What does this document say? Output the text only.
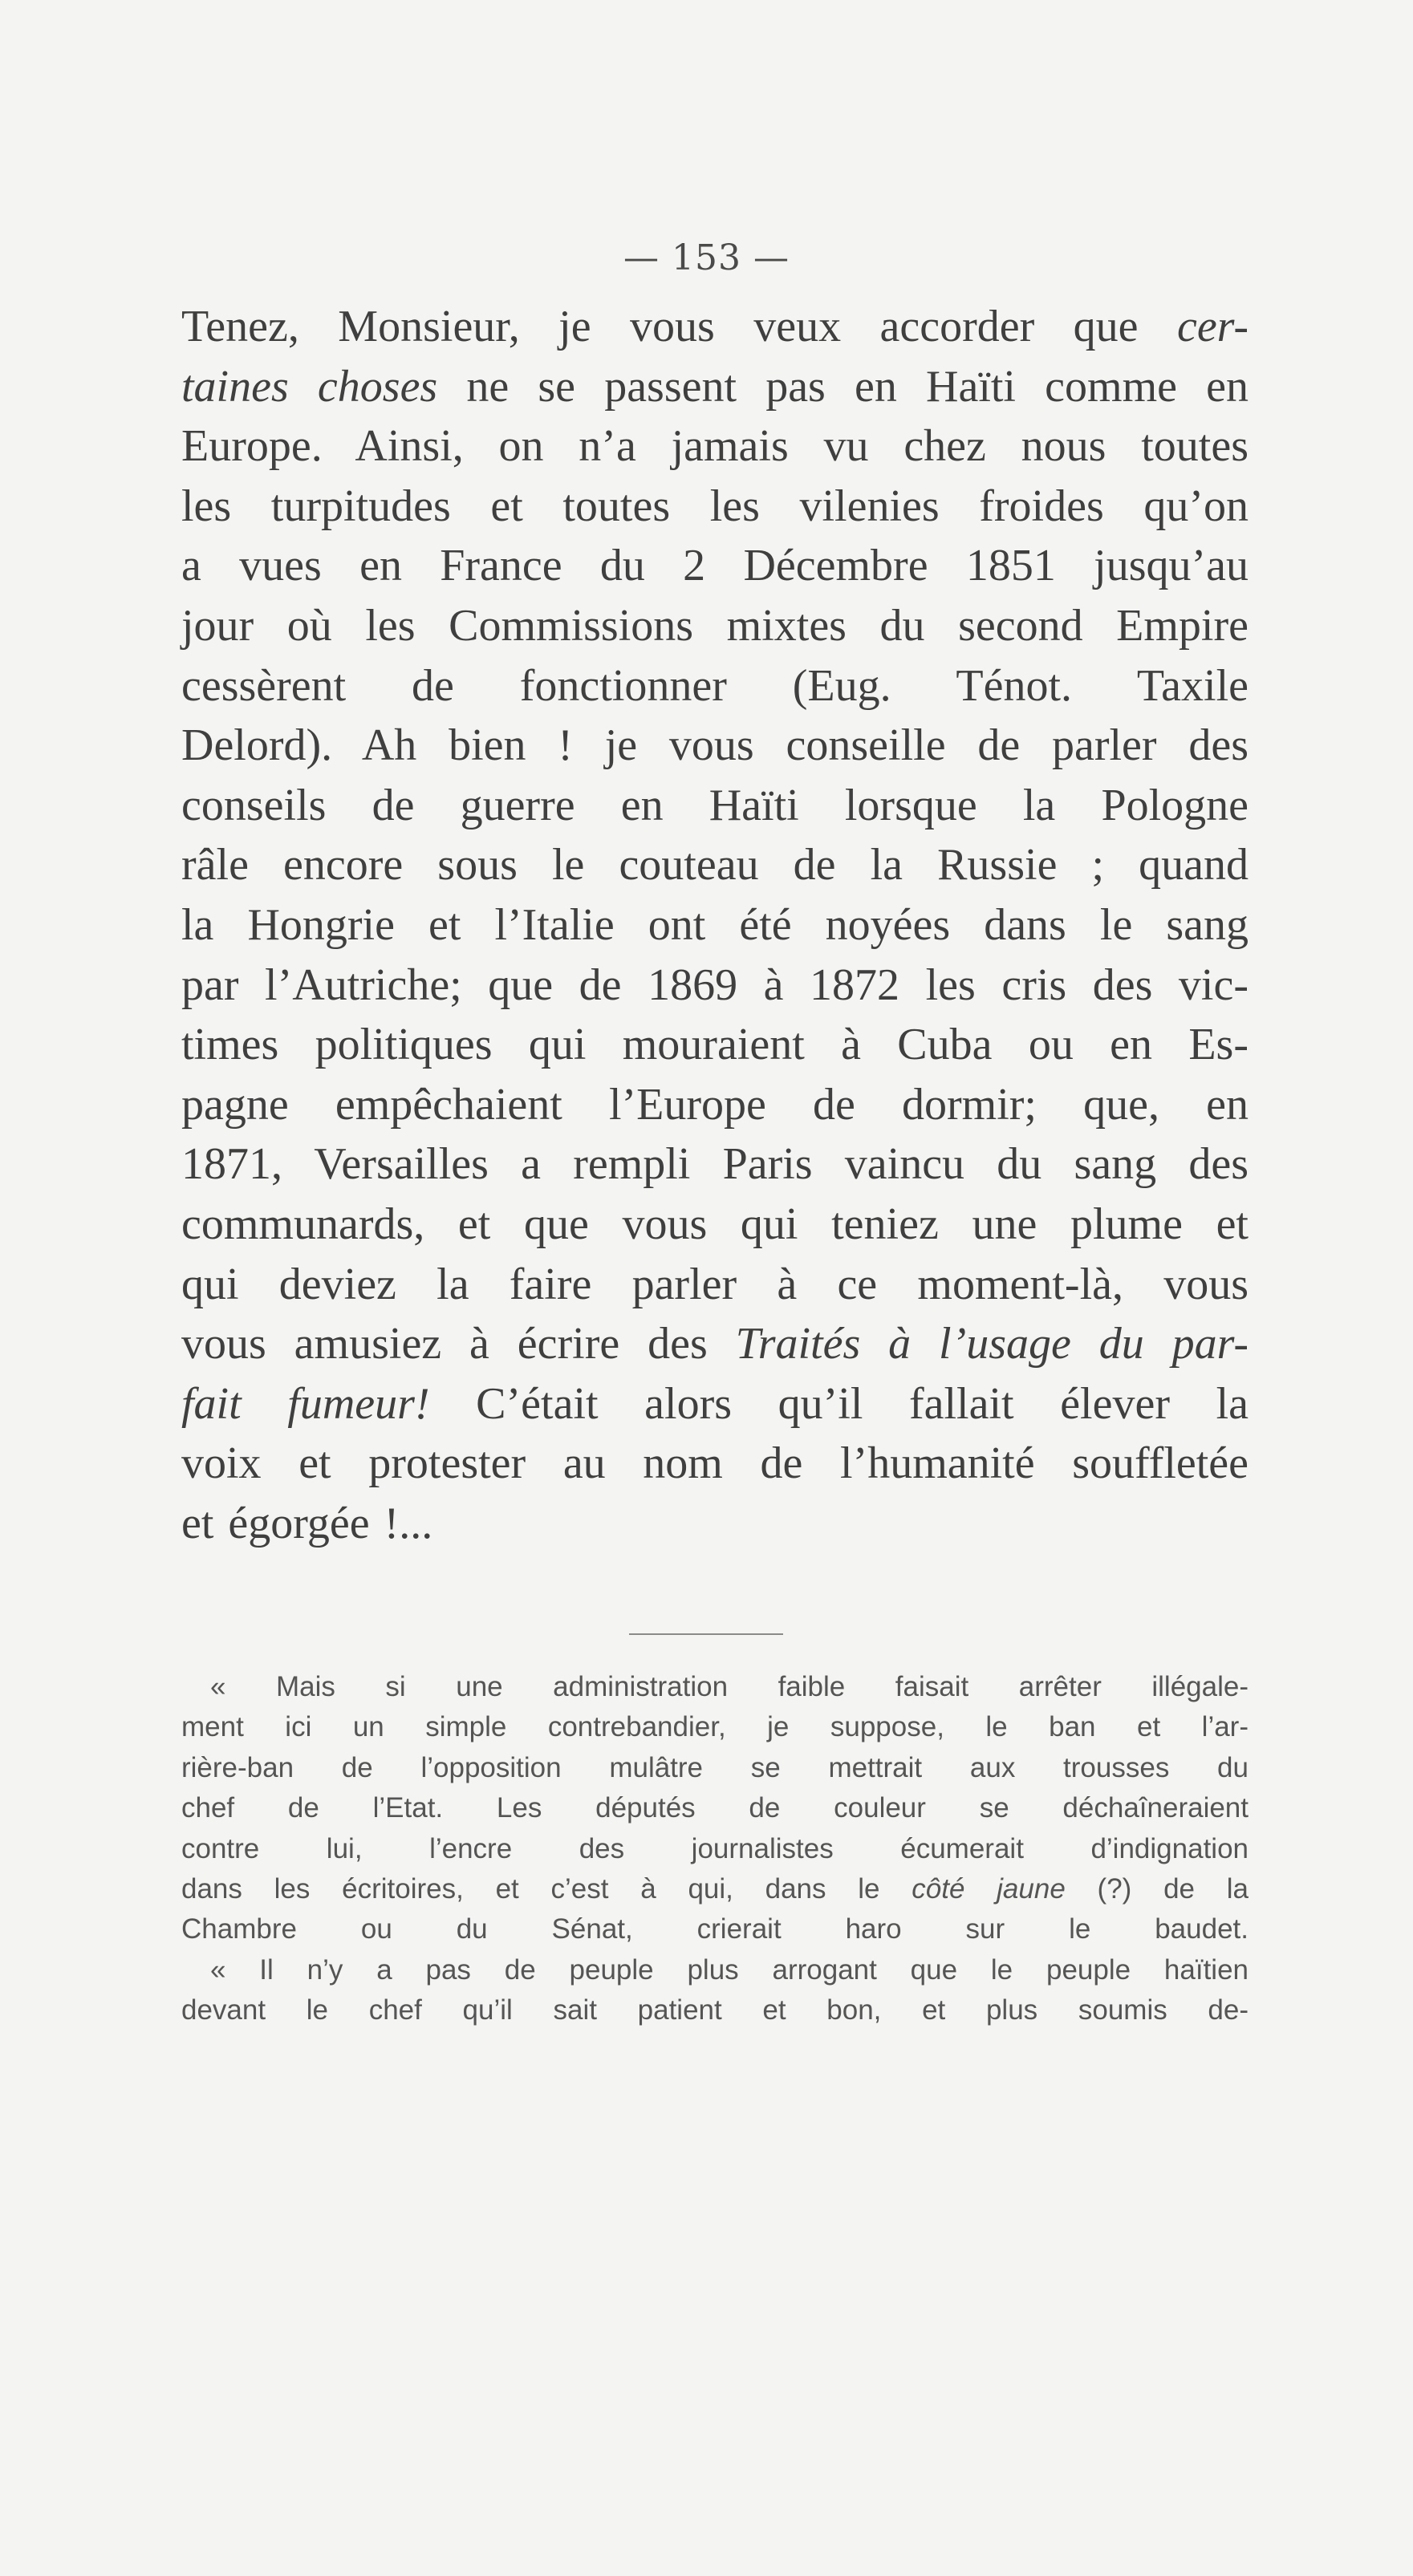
— 153 —
Tenez, Monsieur, je vous veux accorder que cer-
taines choses ne se passent pas en Haïti comme en
Europe. Ainsi, on n’a jamais vu chez nous toutes
les turpitudes et toutes les vilenies froides qu’on
a vues en France du 2 Décembre 1851 jusqu’au
jour où les Commissions mixtes du second Empire
cessèrent de fonctionner (Eug. Ténot. Taxile
Delord). Ah bien ! je vous conseille de parler des
conseils de guerre en Haïti lorsque la Pologne
râle encore sous le couteau de la Russie ; quand
la Hongrie et l’Italie ont été noyées dans le sang
par l’Autriche; que de 1869 à 1872 les cris des vic-
times politiques qui mouraient à Cuba ou en Es-
pagne empêchaient l’Europe de dormir; que, en
1871, Versailles a rempli Paris vaincu du sang des
communards, et que vous qui teniez une plume et
qui deviez la faire parler à ce moment-là, vous
vous amusiez à écrire des Traités à l’usage du par-
fait fumeur! C’était alors qu’il fallait élever la
voix et protester au nom de l’humanité souffletée
et égorgée !...
« Mais si une administration faible faisait arrêter illégale-
ment ici un simple contrebandier, je suppose, le ban et l’ar-
rière-ban de l’opposition mulâtre se mettrait aux trousses du
chef de l’Etat. Les députés de couleur se déchaîneraient
contre lui, l’encre des journalistes écumerait d’indignation
dans les écritoires, et c’est à qui, dans le côté jaune (?) de la
Chambre ou du Sénat, crierait haro sur le baudet.
« Il n’y a pas de peuple plus arrogant que le peuple haïtien
devant le chef qu’il sait patient et bon, et plus soumis de-
